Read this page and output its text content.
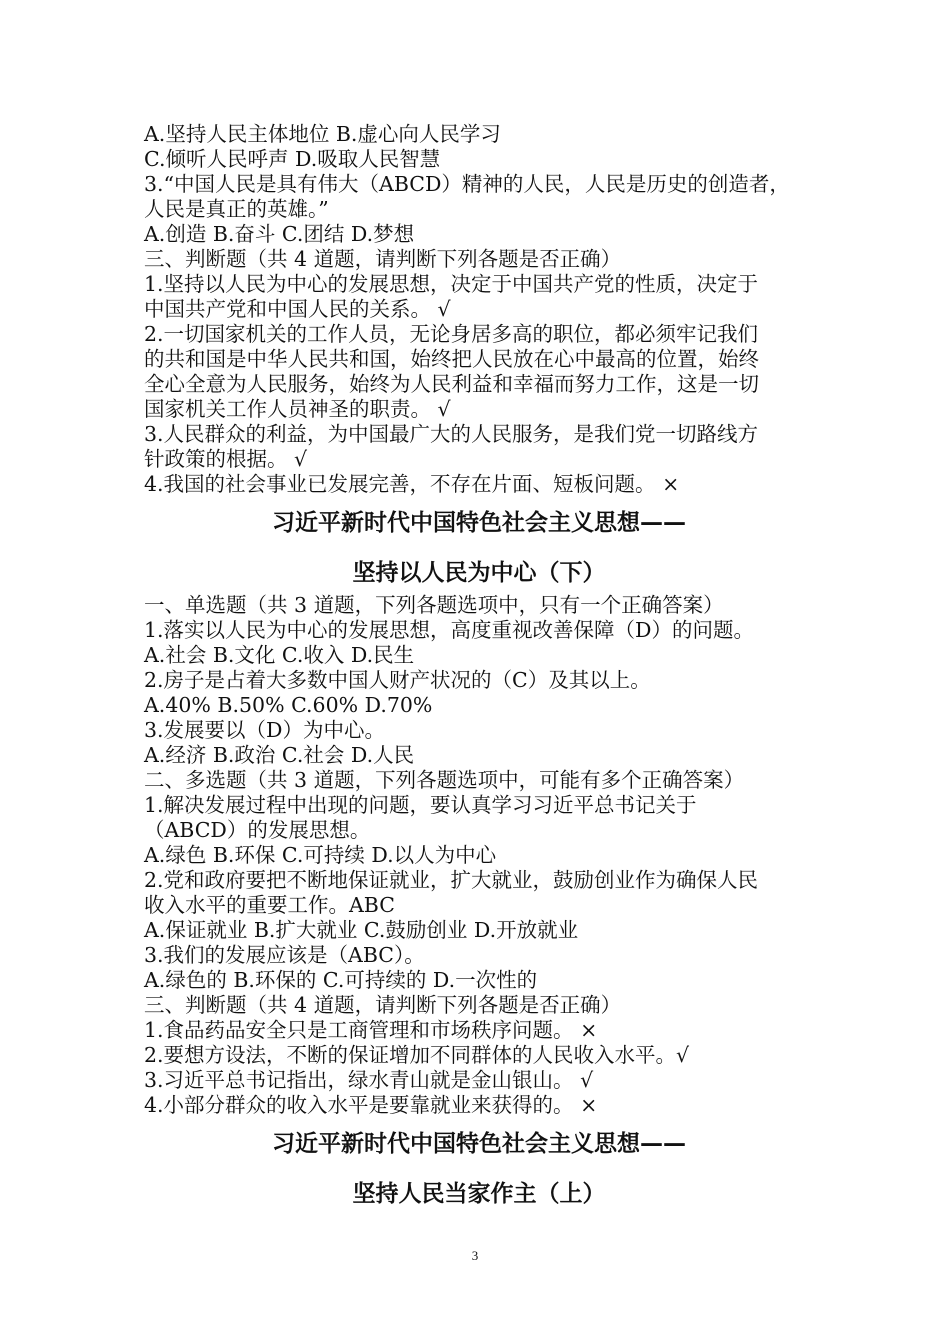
A.坚持人民主体地位 B.虚心向人民学习
C.倾听人民呼声 D.吸取人民智慧
3.“中国人民是具有伟大（ABCD）精神的人民，人民是历史的创造者，
人民是真正的英雄。”
A.创造 B.奋斗 C.团结 D.梦想
三、判断题（共 4 道题，请判断下列各题是否正确）
1.坚持以人民为中心的发展思想，决定于中国共产党的性质，决定于
中国共产党和中国人民的关系。 √
2.一切国家机关的工作人员，无论身居多高的职位，都必须牢记我们
的共和国是中华人民共和国，始终把人民放在心中最高的位置，始终
全心全意为人民服务，始终为人民利益和幸福而努力工作，这是一切
国家机关工作人员神圣的职责。 √
3.人民群众的利益，为中国最广大的人民服务，是我们党一切路线方
针政策的根据。 √
4.我国的社会事业已发展完善，不存在片面、短板问题。 ×
习近平新时代中国特色社会主义思想——
坚持以人民为中心（下）
一、单选题（共 3 道题，下列各题选项中，只有一个正确答案）
1.落实以人民为中心的发展思想，高度重视改善保障（D）的问题。
A.社会 B.文化 C.收入 D.民生
2.房子是占着大多数中国人财产状况的（C）及其以上。
A.40% B.50% C.60% D.70%
3.发展要以（D）为中心。
A.经济 B.政治 C.社会 D.人民
二、多选题（共 3 道题，下列各题选项中，可能有多个正确答案）
1.解决发展过程中出现的问题，要认真学习习近平总书记关于
（ABCD）的发展思想。
A.绿色 B.环保 C.可持续 D.以人为中心
2.党和政府要把不断地保证就业，扩大就业，鼓励创业作为确保人民
收入水平的重要工作。ABC
A.保证就业 B.扩大就业 C.鼓励创业 D.开放就业
3.我们的发展应该是（ABC）。
A.绿色的 B.环保的 C.可持续的 D.一次性的
三、判断题（共 4 道题，请判断下列各题是否正确）
1.食品药品安全只是工商管理和市场秩序问题。 ×
2.要想方设法，不断的保证增加不同群体的人民收入水平。√
3.习近平总书记指出，绿水青山就是金山银山。 √
4.小部分群众的收入水平是要靠就业来获得的。 ×
习近平新时代中国特色社会主义思想——
坚持人民当家作主（上）
3
